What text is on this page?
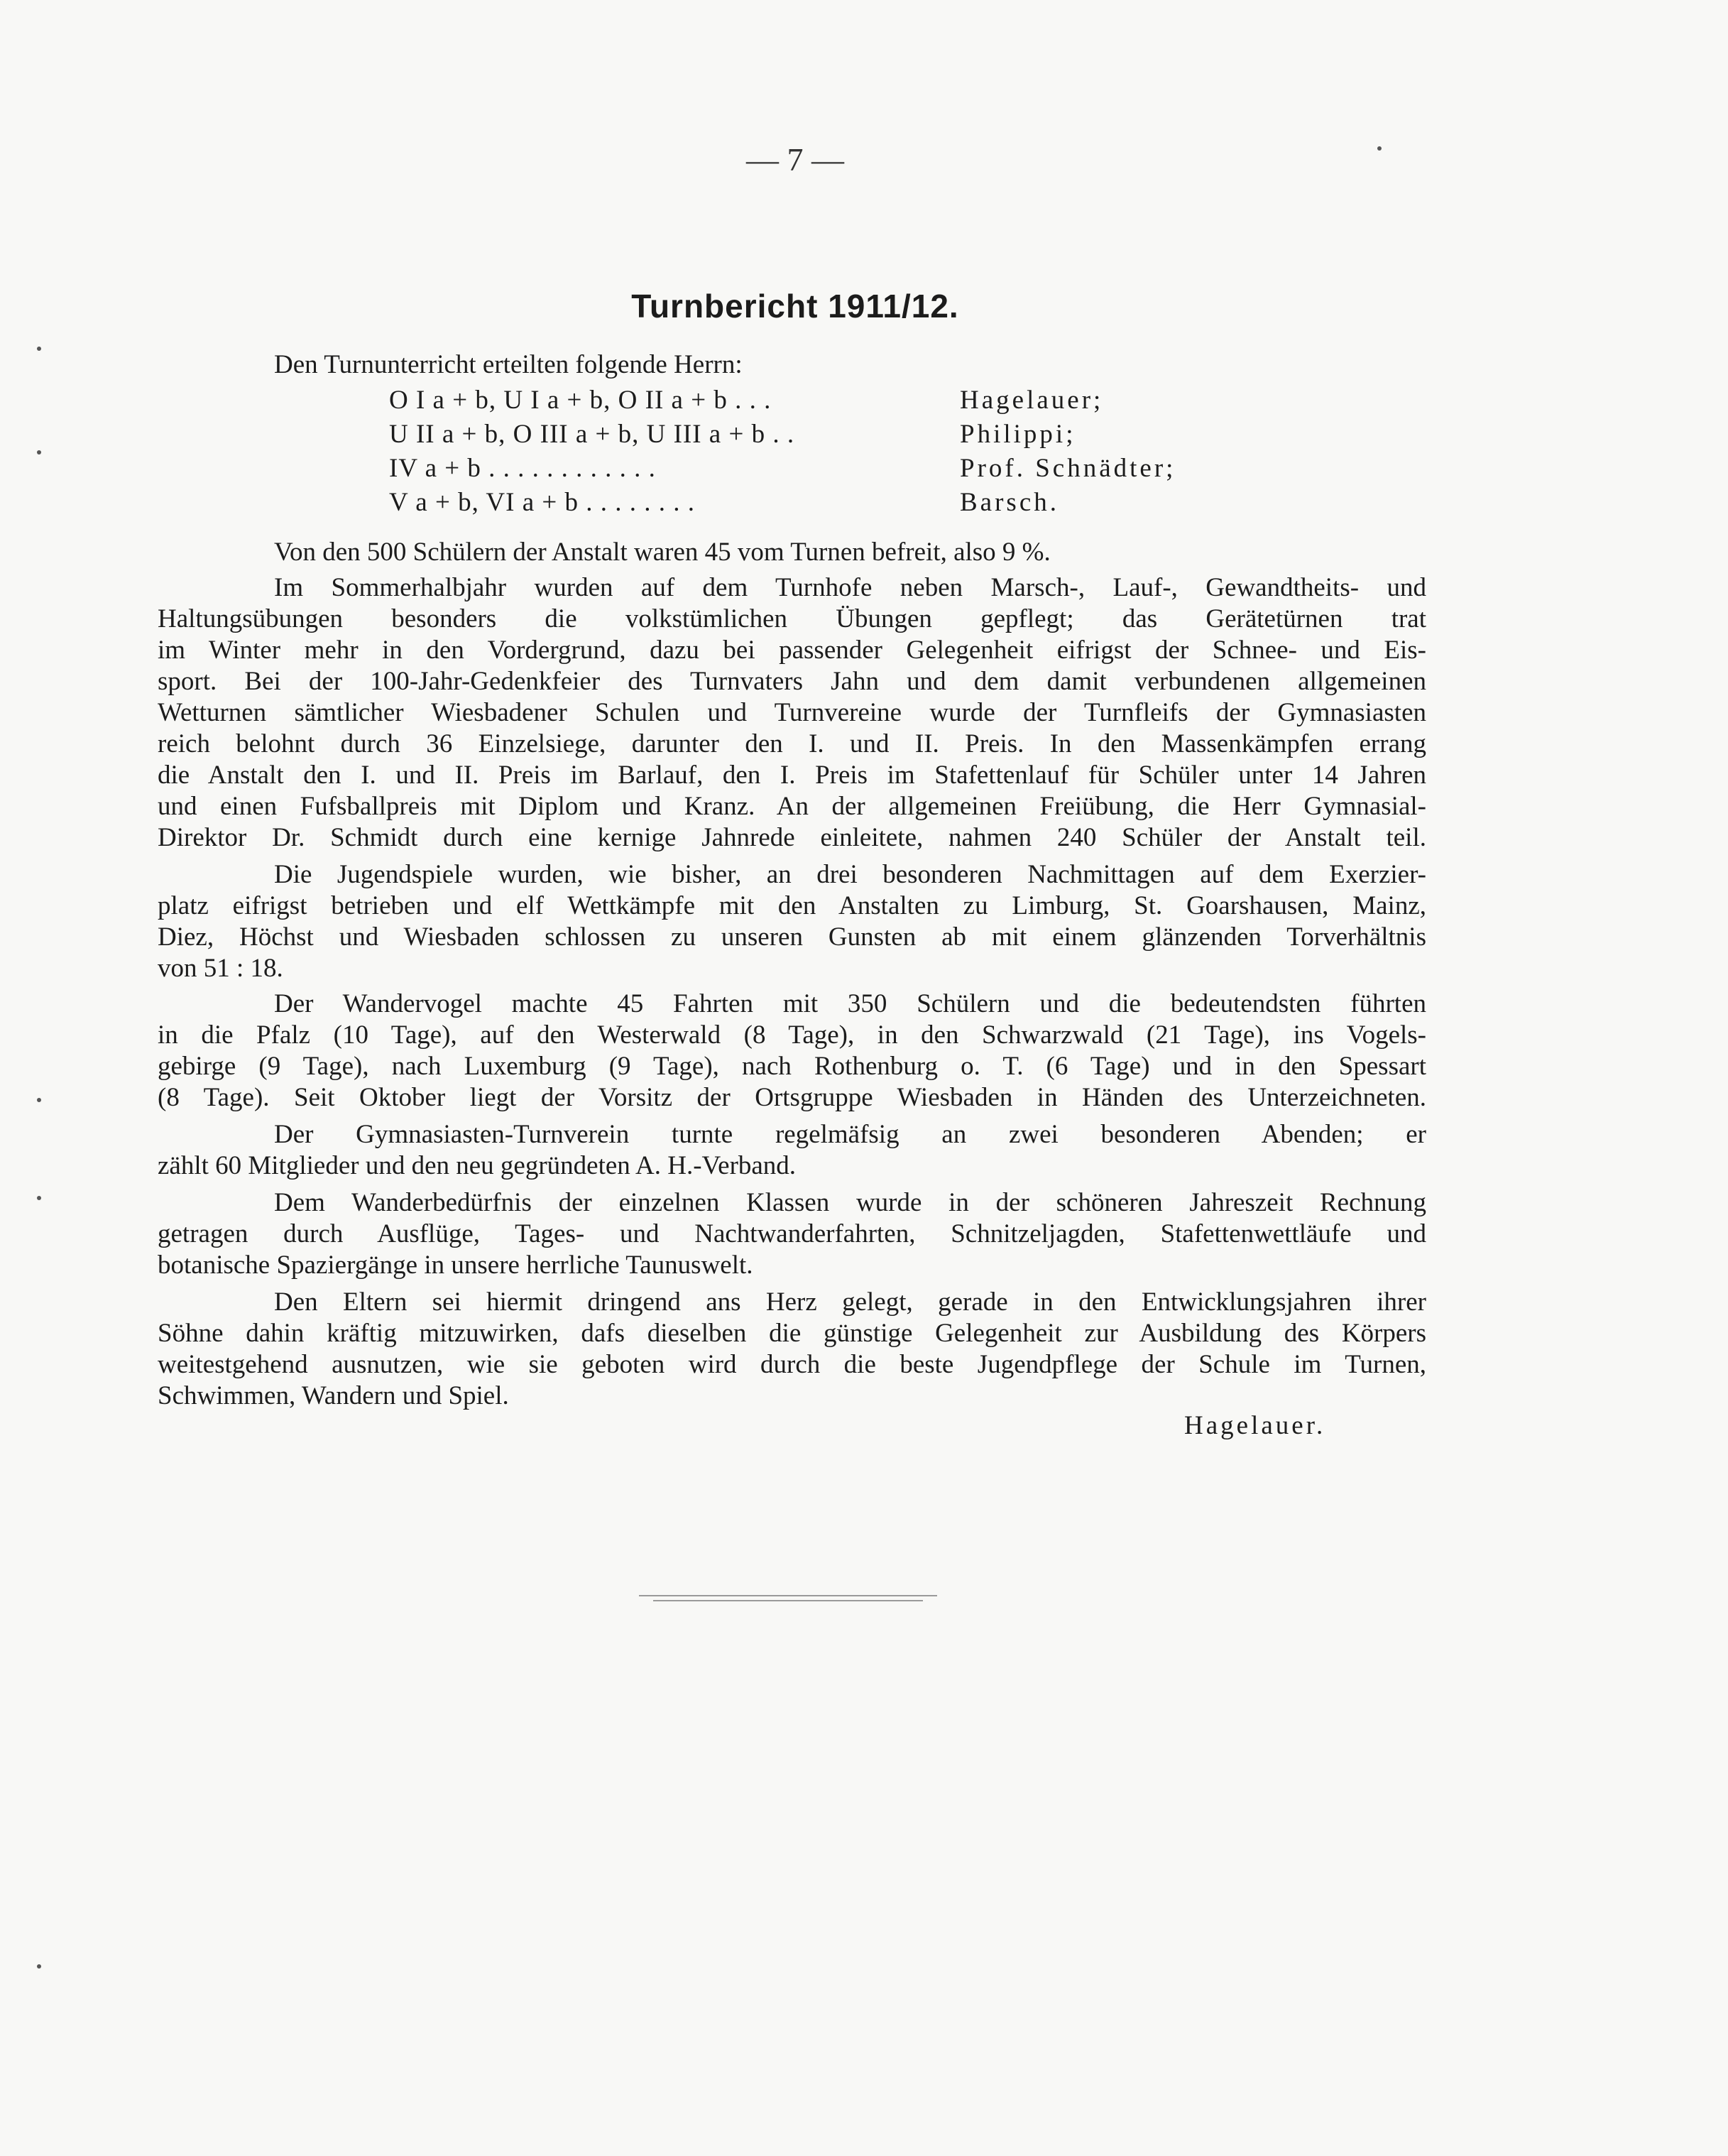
— 7 —
Turnbericht 1911/12.
Den Turnunterricht erteilten folgende Herrn:
O I a + b, U I a + b, O II a + b . . .	Hagelauer;
U II a + b, O III a + b, U III a + b . .	Philippi;
IV a + b . . . . . . . . . . . .	Prof. Schnädter;
V a + b, VI a + b . . . . . . . .	Barsch.
Von den 500 Schülern der Anstalt waren 45 vom Turnen befreit, also 9 %.
Im Sommerhalbjahr wurden auf dem Turnhofe neben Marsch-, Lauf-, Gewandtheits- und
Haltungsübungen besonders die volkstümlichen Übungen gepflegt; das Gerätetürnen trat
im Winter mehr in den Vordergrund, dazu bei passender Gelegenheit eifrigst der Schnee- und Eis-
sport. Bei der 100-Jahr-Gedenkfeier des Turnvaters Jahn und dem damit verbundenen allgemeinen
Wetturnen sämtlicher Wiesbadener Schulen und Turnvereine wurde der Turnfleifs der Gymnasiasten
reich belohnt durch 36 Einzelsiege, darunter den I. und II. Preis. In den Massenkämpfen errang
die Anstalt den I. und II. Preis im Barlauf, den I. Preis im Stafettenlauf für Schüler unter 14 Jahren
und einen Fufsballpreis mit Diplom und Kranz. An der allgemeinen Freiübung, die Herr Gymnasial-
Direktor Dr. Schmidt durch eine kernige Jahnrede einleitete, nahmen 240 Schüler der Anstalt teil.
Die Jugendspiele wurden, wie bisher, an drei besonderen Nachmittagen auf dem Exerzier-
platz eifrigst betrieben und elf Wettkämpfe mit den Anstalten zu Limburg, St. Goarshausen, Mainz,
Diez, Höchst und Wiesbaden schlossen zu unseren Gunsten ab mit einem glänzenden Torverhältnis
von 51 : 18.
Der Wandervogel machte 45 Fahrten mit 350 Schülern und die bedeutendsten führten
in die Pfalz (10 Tage), auf den Westerwald (8 Tage), in den Schwarzwald (21 Tage), ins Vogels-
gebirge (9 Tage), nach Luxemburg (9 Tage), nach Rothenburg o. T. (6 Tage) und in den Spessart
(8 Tage). Seit Oktober liegt der Vorsitz der Ortsgruppe Wiesbaden in Händen des Unterzeichneten.
Der Gymnasiasten-Turnverein turnte regelmäfsig an zwei besonderen Abenden; er
zählt 60 Mitglieder und den neu gegründeten A. H.-Verband.
Dem Wanderbedürfnis der einzelnen Klassen wurde in der schöneren Jahreszeit Rechnung
getragen durch Ausflüge, Tages- und Nachtwanderfahrten, Schnitzeljagden, Stafettenwettläufe und
botanische Spaziergänge in unsere herrliche Taunuswelt.
Den Eltern sei hiermit dringend ans Herz gelegt, gerade in den Entwicklungsjahren ihrer
Söhne dahin kräftig mitzuwirken, dafs dieselben die günstige Gelegenheit zur Ausbildung des Körpers
weitestgehend ausnutzen, wie sie geboten wird durch die beste Jugendpflege der Schule im Turnen,
Schwimmen, Wandern und Spiel.
Hagelauer.
